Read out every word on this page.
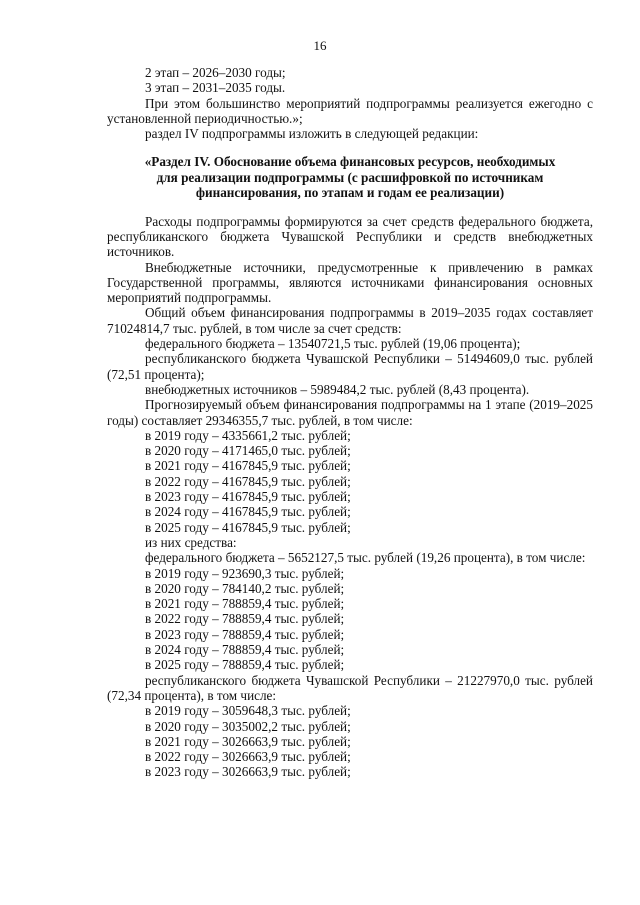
16

2 этап – 2026–2030 годы;

3 этап – 2031–2035 годы.

При этом большинство мероприятий подпрограммы реализуется ежегодно с установленной периодичностью.»;

раздел IV подпрограммы изложить в следующей редакции:

«Раздел IV. Обоснование объема финансовых ресурсов, необходимых
для реализации подпрограммы (с расшифровкой по источникам
финансирования, по этапам и годам ее реализации)

Расходы подпрограммы формируются за счет средств федерального бюджета, республиканского бюджета Чувашской Республики и средств внебюджетных источников.

Внебюджетные источники, предусмотренные к привлечению в рамках Государственной программы, являются источниками финансирования основных мероприятий подпрограммы.

Общий объем финансирования подпрограммы в 2019–2035 годах составляет 71024814,7 тыс. рублей, в том числе за счет средств:

федерального бюджета – 13540721,5 тыс. рублей (19,06 процента);

республиканского бюджета Чувашской Республики – 51494609,0 тыс. рублей (72,51 процента);

внебюджетных источников – 5989484,2 тыс. рублей (8,43 процента).

Прогнозируемый объем финансирования подпрограммы на 1 этапе (2019–2025 годы) составляет 29346355,7 тыс. рублей, в том числе:

в 2019 году – 4335661,2 тыс. рублей;

в 2020 году – 4171465,0 тыс. рублей;

в 2021 году – 4167845,9 тыс. рублей;

в 2022 году – 4167845,9 тыс. рублей;

в 2023 году – 4167845,9 тыс. рублей;

в 2024 году – 4167845,9 тыс. рублей;

в 2025 году – 4167845,9 тыс. рублей;

из них средства:

федерального бюджета – 5652127,5 тыс. рублей (19,26 процента), в том числе:

в 2019 году – 923690,3 тыс. рублей;

в 2020 году – 784140,2 тыс. рублей;

в 2021 году – 788859,4 тыс. рублей;

в 2022 году – 788859,4 тыс. рублей;

в 2023 году – 788859,4 тыс. рублей;

в 2024 году – 788859,4 тыс. рублей;

в 2025 году – 788859,4 тыс. рублей;

республиканского бюджета Чувашской Республики – 21227970,0 тыс. рублей (72,34 процента), в том числе:

в 2019 году – 3059648,3 тыс. рублей;

в 2020 году – 3035002,2 тыс. рублей;

в 2021 году – 3026663,9 тыс. рублей;

в 2022 году – 3026663,9 тыс. рублей;

в 2023 году – 3026663,9 тыс. рублей;
